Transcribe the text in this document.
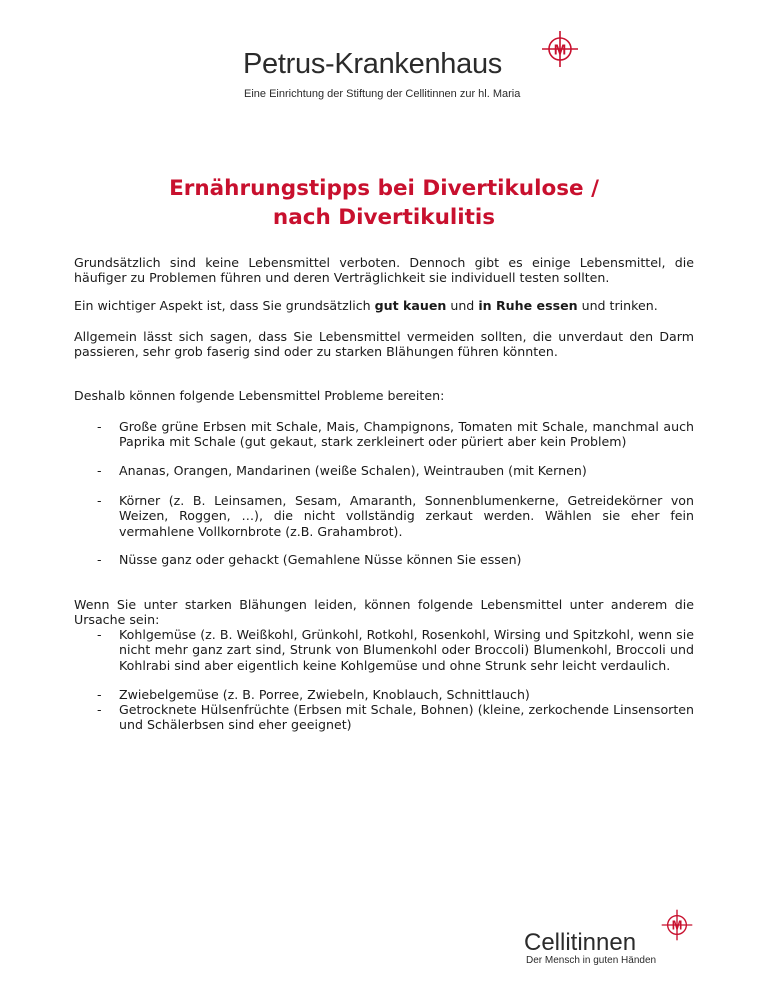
Petrus-Krankenhaus
Eine Einrichtung der Stiftung der Cellitinnen zur hl. Maria
M
Ernährungstipps bei Divertikulose /
nach Divertikulitis

Grundsätzlich sind keine Lebensmittel verboten. Dennoch gibt es einige Lebensmittel, die häufiger zu Problemen führen und deren Verträglichkeit sie individuell testen sollten.

Ein wichtiger Aspekt ist, dass Sie grundsätzlich gut kauen und in Ruhe essen und trinken.

Allgemein lässt sich sagen, dass Sie Lebensmittel vermeiden sollten, die unverdaut den Darm passieren, sehr grob faserig sind oder zu starken Blähungen führen könnten.

Deshalb können folgende Lebensmittel Probleme bereiten:

- Große grüne Erbsen mit Schale, Mais, Champignons, Tomaten mit Schale, manchmal auch Paprika mit Schale (gut gekaut, stark zerkleinert oder püriert aber kein Problem)

- Ananas, Orangen, Mandarinen (weiße Schalen), Weintrauben (mit Kernen)

- Körner (z. B. Leinsamen, Sesam, Amaranth, Sonnenblumenkerne, Getreidekörner von Weizen, Roggen, …), die nicht vollständig zerkaut werden. Wählen sie eher fein vermahlene Vollkornbrote (z.B. Grahambrot).

- Nüsse ganz oder gehackt (Gemahlene Nüsse können Sie essen)

Wenn Sie unter starken Blähungen leiden, können folgende Lebensmittel unter anderem die Ursache sein:

- Kohlgemüse (z. B. Weißkohl, Grünkohl, Rotkohl, Rosenkohl, Wirsing und Spitzkohl, wenn sie nicht mehr ganz zart sind, Strunk von Blumenkohl oder Broccoli) Blumenkohl, Broccoli und Kohlrabi sind aber eigentlich keine Kohlgemüse und ohne Strunk sehr leicht verdaulich.

- Zwiebelgemüse (z. B. Porree, Zwiebeln, Knoblauch, Schnittlauch)

- Getrocknete Hülsenfrüchte (Erbsen mit Schale, Bohnen) (kleine, zerkochende Linsensorten und Schälerbsen sind eher geeignet)

Cellitinnen
Der Mensch in guten Händen
M
